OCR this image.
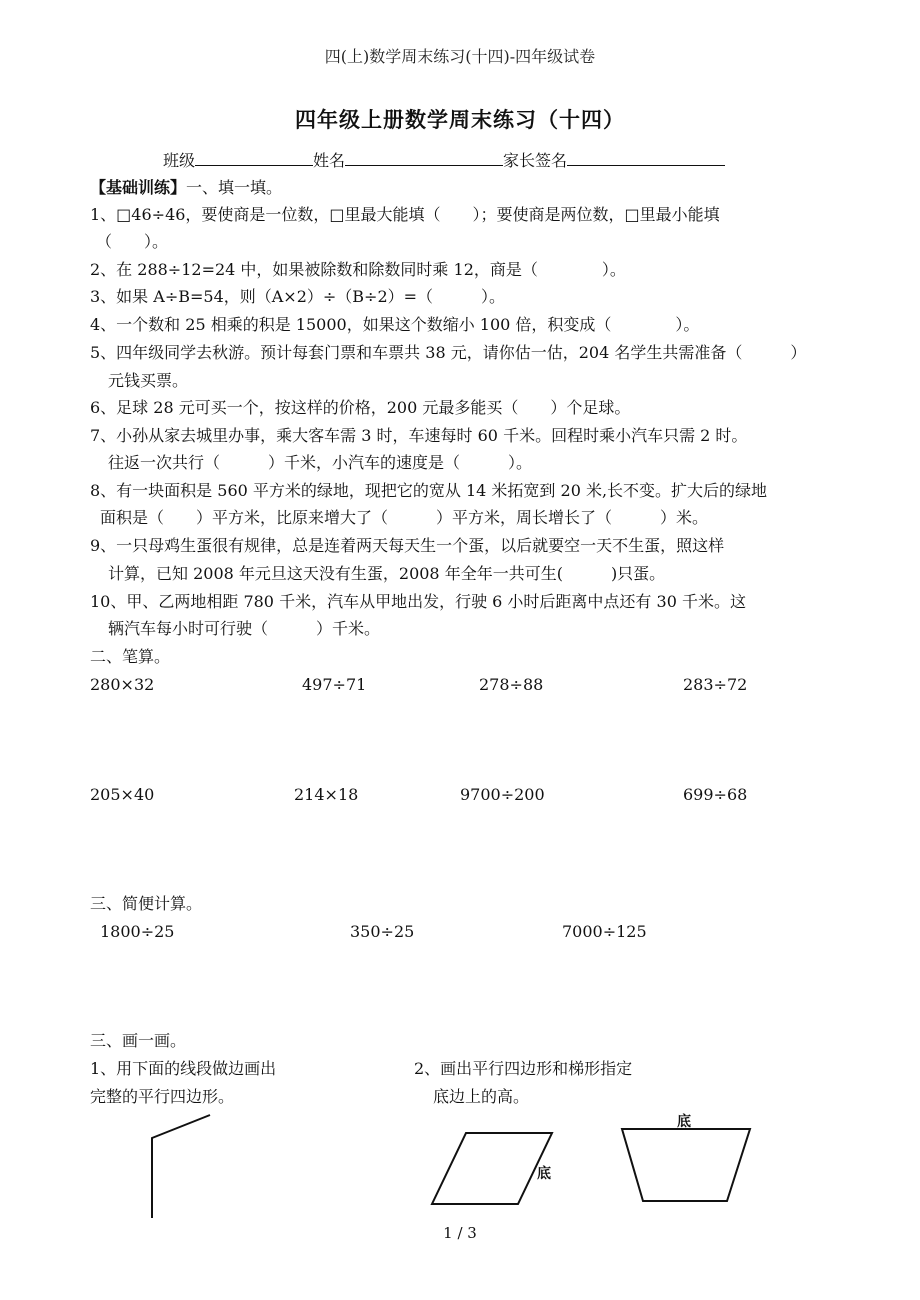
四(上)数学周末练习(十四)-四年级试卷
四年级上册数学周末练习（十四）
班级	姓名	家长签名
【基础训练】一、填一填。
1、□46÷46，要使商是一位数，□里最大能填（　　）；要使商是两位数，□里最小能填
（　　）。
2、在 288÷12=24 中，如果被除数和除数同时乘 12，商是（　　　　）。
3、如果 A÷B=54，则（A×2）÷（B÷2）=（　　　）。
4、一个数和 25 相乘的积是 15000，如果这个数缩小 100 倍，积变成（　　　　）。
5、四年级同学去秋游。预计每套门票和车票共 38 元，请你估一估，204 名学生共需准备（　　　）
元钱买票。
6、足球 28 元可买一个，按这样的价格，200 元最多能买（　　）个足球。
7、小孙从家去城里办事，乘大客车需 3 时，车速每时 60 千米。回程时乘小汽车只需 2 时。
往返一次共行（　　　）千米，小汽车的速度是（　　　）。
8、有一块面积是 560 平方米的绿地，现把它的宽从 14 米拓宽到 20 米,长不变。扩大后的绿地
面积是（　　）平方米，比原来增大了（　　　）平方米，周长增长了（　　　）米。
9、一只母鸡生蛋很有规律，总是连着两天每天生一个蛋，以后就要空一天不生蛋，照这样
计算，已知 2008 年元旦这天没有生蛋，2008 年全年一共可生(　　　)只蛋。
10、甲、乙两地相距 780 千米，汽车从甲地出发，行驶 6 小时后距离中点还有 30 千米。这
辆汽车每小时可行驶（　　　）千米。
二、笔算。
280×32	497÷71	278÷88	283÷72
205×40	214×18	9700÷200	699÷68
三、简便计算。
1800÷25	350÷25	7000÷125
三、画一画。
1、用下面的线段做边画出
完整的平行四边形。
2、画出平行四边形和梯形指定
底边上的高。
底
底
1 / 3
